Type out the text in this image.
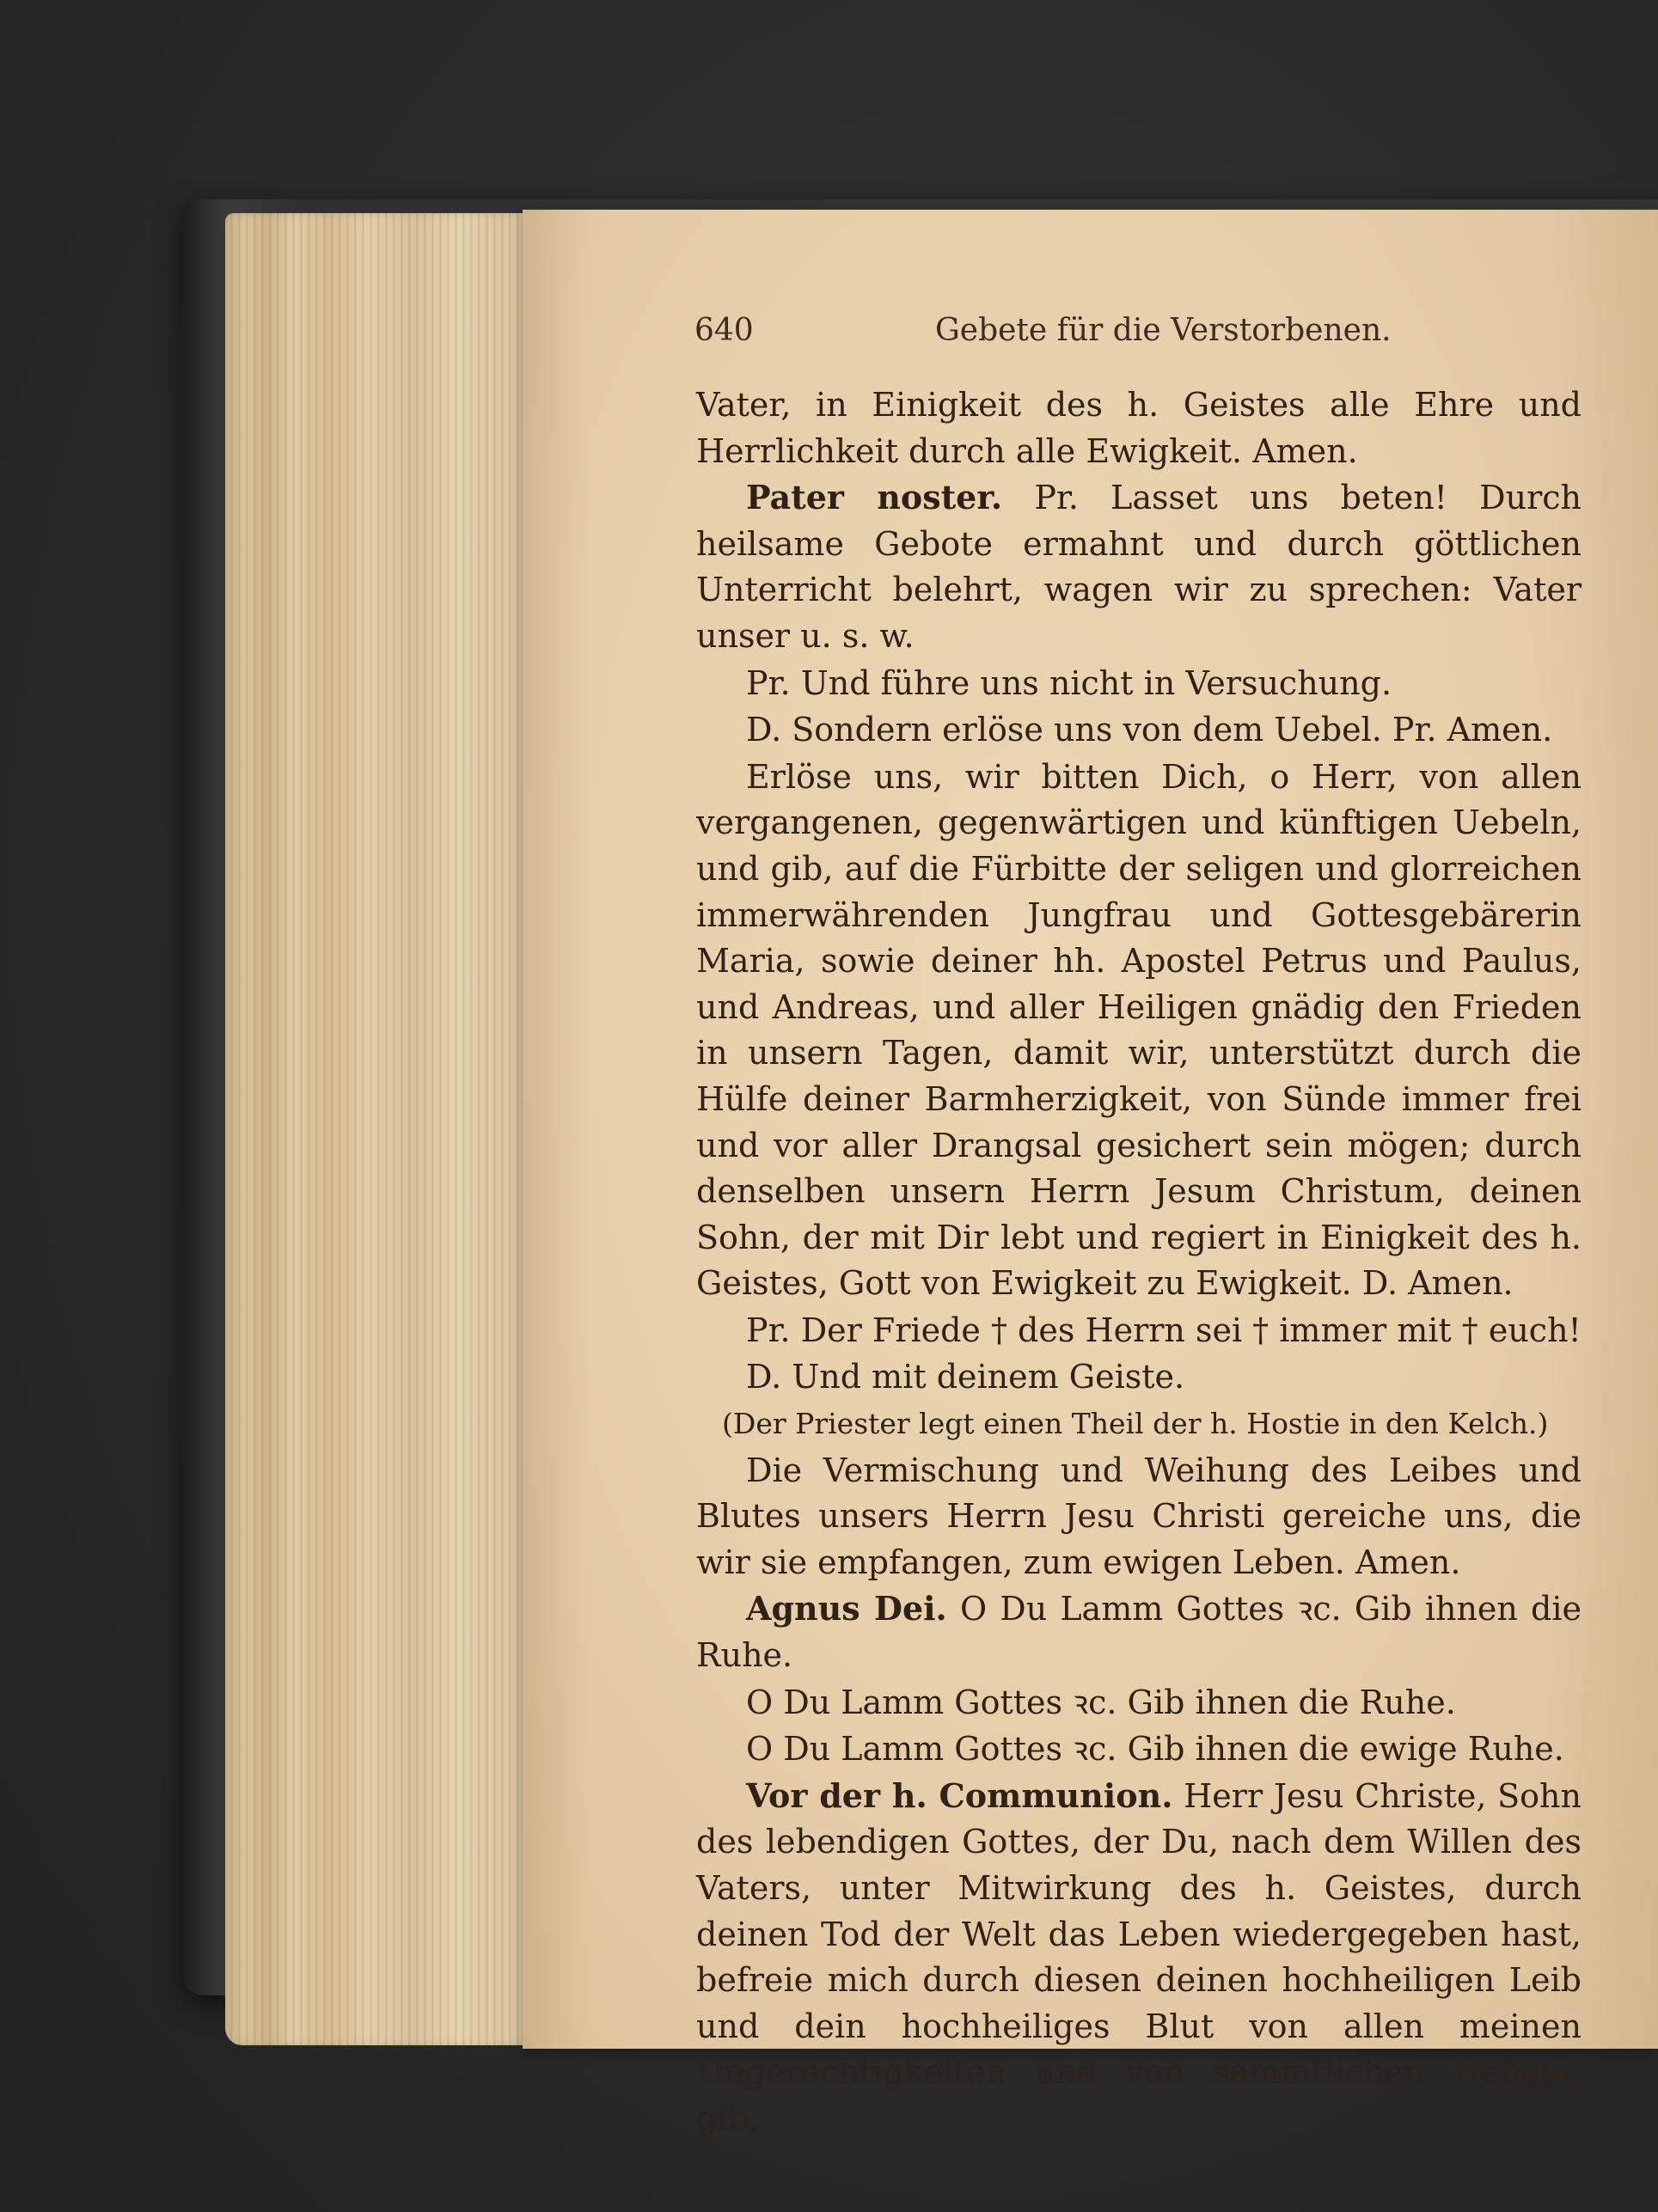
640	Gebete für die Verstorbenen.

Vater, in Einigkeit des h. Geistes alle Ehre und Herrlichkeit durch alle Ewigkeit. Amen.

Pater noster. Pr. Lasset uns beten! Durch heilsame Gebote ermahnt und durch göttlichen Unterricht belehrt, wagen wir zu sprechen: Vater unser u. s. w.

Pr. Und führe uns nicht in Versuchung.

D. Sondern erlöse uns von dem Uebel. Pr. Amen.

Erlöse uns, wir bitten Dich, o Herr, von allen vergangenen, gegenwärtigen und künftigen Uebeln, und gib, auf die Fürbitte der seligen und glorreichen immerwährenden Jungfrau und Gottesgebärerin Maria, sowie deiner hh. Apostel Petrus und Paulus, und Andreas, und aller Heiligen gnädig den Frieden in unsern Tagen, damit wir, unterstützt durch die Hülfe deiner Barmherzigkeit, von Sünde immer frei und vor aller Drangsal gesichert sein mögen; durch denselben unsern Herrn Jesum Christum, deinen Sohn, der mit Dir lebt und regiert in Einigkeit des h. Geistes, Gott von Ewigkeit zu Ewigkeit. D. Amen.

Pr. Der Friede † des Herrn sei † immer mit † euch!

D. Und mit deinem Geiste.

(Der Priester legt einen Theil der h. Hostie in den Kelch.)

Die Vermischung und Weihung des Leibes und Blutes unsers Herrn Jesu Christi gereiche uns, die wir sie empfangen, zum ewigen Leben. Amen.

Agnus Dei. O Du Lamm Gottes ꝛc. Gib ihnen die Ruhe.

O Du Lamm Gottes ꝛc. Gib ihnen die Ruhe.

O Du Lamm Gottes ꝛc. Gib ihnen die ewige Ruhe.

Vor der h. Communion. Herr Jesu Christe, Sohn des lebendigen Gottes, der Du, nach dem Willen des Vaters, unter Mitwirkung des h. Geistes, durch deinen Tod der Welt das Leben wiedergegeben hast, befreie mich durch diesen deinen hochheiligen Leib und dein hochheiliges Blut von allen meinen Ungerechtigkeiten und von sämmtlichen Uebeln, gib,
